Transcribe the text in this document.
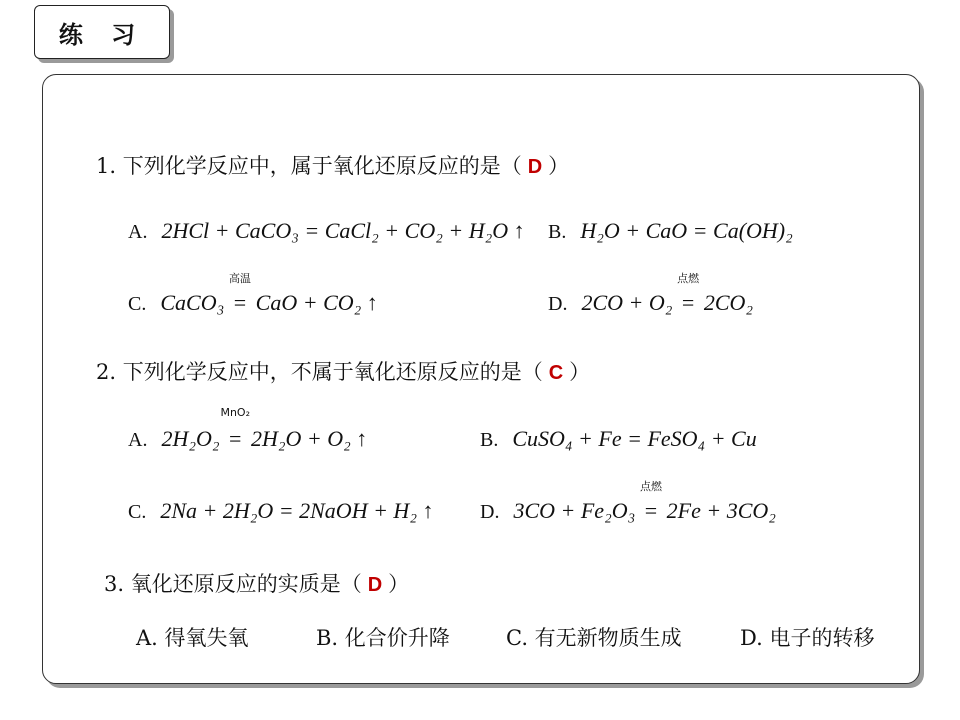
练 习
1. 下列化学反应中，属于氧化还原反应的是（ D ）
A. 2HCl + CaCO₃ = CaCl₂ + CO₂ + H₂O ↑ B. H₂O + CaO = Ca(OH)₂
C. CaCO₃
高温
= CaO + CO₂ ↑	D. 2CO + O₂
点燃
= 2CO₂
2. 下列化学反应中，不属于氧化还原反应的是（ C ）
A. 2H₂O₂
MnO₂
= 2H₂O + O₂ ↑	B. CuSO₄ + Fe = FeSO₄ + Cu
C. 2Na + 2H₂O = 2NaOH + H₂ ↑ D. 3CO + Fe₂O₃
点燃
= 2Fe + 3CO₂
3. 氧化还原反应的实质是（ D ）
A. 得氧失氧	B. 化合价升降	C. 有无新物质生成	D. 电子的转移
